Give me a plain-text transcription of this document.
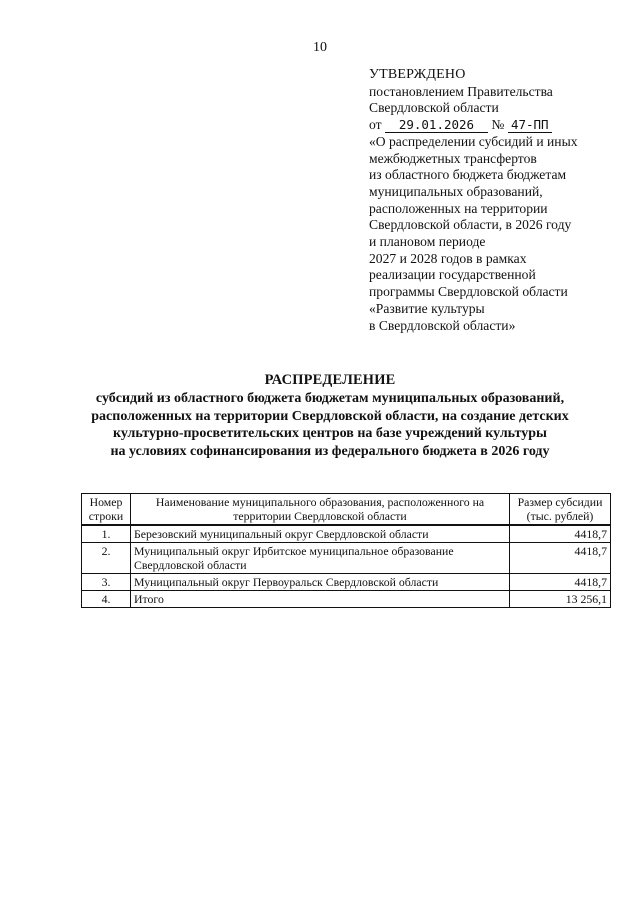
10
УТВЕРЖДЕНО
постановлением Правительства
Свердловской области
от 29.01.2026 № 47-ПП
«О распределении субсидий и иных
межбюджетных трансфертов
из областного бюджета бюджетам
муниципальных образований,
расположенных на территории
Свердловской области, в 2026 году
и плановом периоде
2027 и 2028 годов в рамках
реализации государственной
программы Свердловской области
«Развитие культуры
в Свердловской области»
РАСПРЕДЕЛЕНИЕ
субсидий из областного бюджета бюджетам муниципальных образований,
расположенных на территории Свердловской области, на создание детских
культурно-просветительских центров на базе учреждений культуры
на условиях софинансирования из федерального бюджета в 2026 году
Номер строки	Наименование муниципального образования, расположенного на территории Свердловской области	Размер субсидии (тыс. рублей)
1.	Березовский муниципальный округ Свердловской области	4418,7
2.	Муниципальный округ Ирбитское муниципальное образование Свердловской области	4418,7
3.	Муниципальный округ Первоуральск Свердловской области	4418,7
4.	Итого	13 256,1
